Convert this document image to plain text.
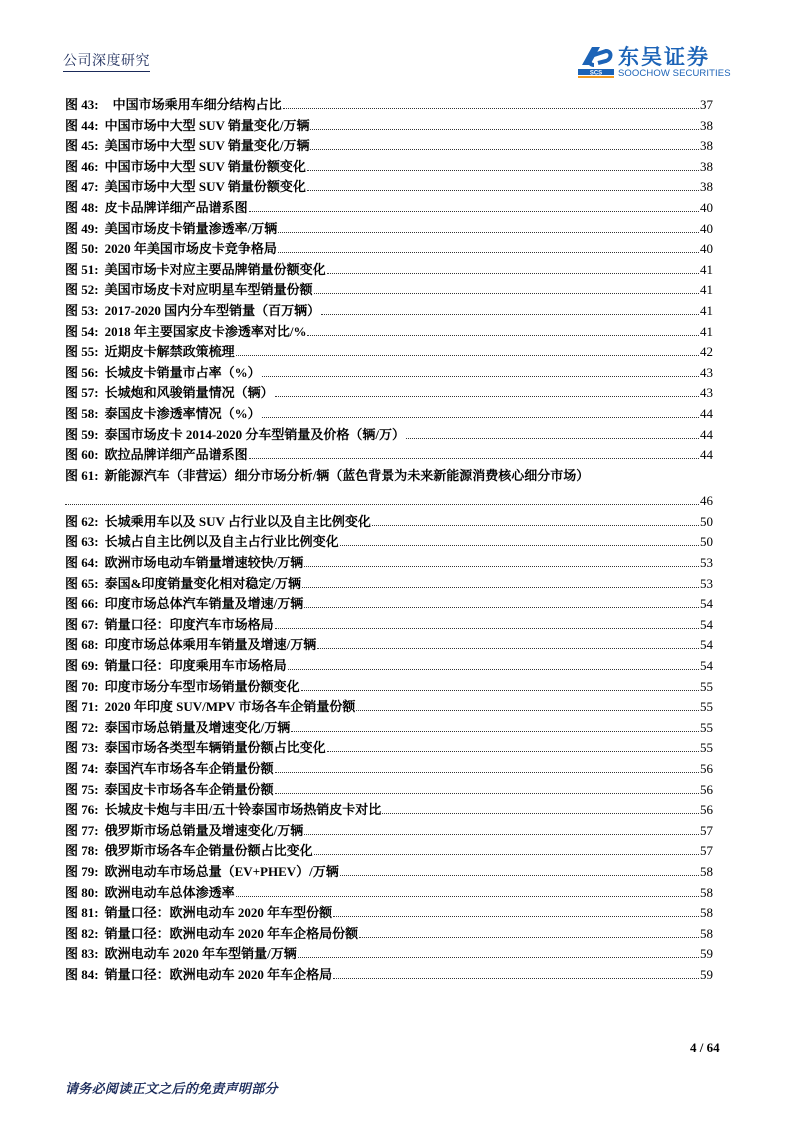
公司深度研究
SCS
东吴证券
SOOCHOW SECURITIES
图 43: 中国市场乘用车细分结构占比	37
图 44: 中国市场中大型 SUV 销量变化/万辆	38
图 45: 美国市场中大型 SUV 销量变化/万辆	38
图 46: 中国市场中大型 SUV 销量份额变化	38
图 47: 美国市场中大型 SUV 销量份额变化	38
图 48: 皮卡品牌详细产品谱系图	40
图 49: 美国市场皮卡销量渗透率/万辆	40
图 50: 2020 年美国市场皮卡竞争格局	40
图 51: 美国市场卡对应主要品牌销量份额变化	41
图 52: 美国市场皮卡对应明星车型销量份额	41
图 53: 2017-2020 国内分车型销量（百万辆）	41
图 54: 2018 年主要国家皮卡渗透率对比/%	41
图 55: 近期皮卡解禁政策梳理	42
图 56: 长城皮卡销量市占率（%）	43
图 57: 长城炮和风骏销量情况（辆）	43
图 58: 泰国皮卡渗透率情况（%）	44
图 59: 泰国市场皮卡 2014-2020 分车型销量及价格（辆/万）	44
图 60: 欧拉品牌详细产品谱系图	44
图 61: 新能源汽车（非营运）细分市场分析/辆（蓝色背景为未来新能源消费核心细分市场）
46
图 62: 长城乘用车以及 SUV 占行业以及自主比例变化	50
图 63: 长城占自主比例以及自主占行业比例变化	50
图 64: 欧洲市场电动车销量增速较快/万辆	53
图 65: 泰国&印度销量变化相对稳定/万辆	53
图 66: 印度市场总体汽车销量及增速/万辆	54
图 67: 销量口径：印度汽车市场格局	54
图 68: 印度市场总体乘用车销量及增速/万辆	54
图 69: 销量口径：印度乘用车市场格局	54
图 70: 印度市场分车型市场销量份额变化	55
图 71: 2020 年印度 SUV/MPV 市场各车企销量份额	55
图 72: 泰国市场总销量及增速变化/万辆	55
图 73: 泰国市场各类型车辆销量份额占比变化	55
图 74: 泰国汽车市场各车企销量份额	56
图 75: 泰国皮卡市场各车企销量份额	56
图 76: 长城皮卡炮与丰田/五十铃泰国市场热销皮卡对比	56
图 77: 俄罗斯市场总销量及增速变化/万辆	57
图 78: 俄罗斯市场各车企销量份额占比变化	57
图 79: 欧洲电动车市场总量（EV+PHEV）/万辆	58
图 80: 欧洲电动车总体渗透率	58
图 81: 销量口径：欧洲电动车 2020 年车型份额	58
图 82: 销量口径：欧洲电动车 2020 年车企格局份额	58
图 83: 欧洲电动车 2020 年车型销量/万辆	59
图 84: 销量口径：欧洲电动车 2020 年车企格局	59
4 / 64
请务必阅读正文之后的免责声明部分
